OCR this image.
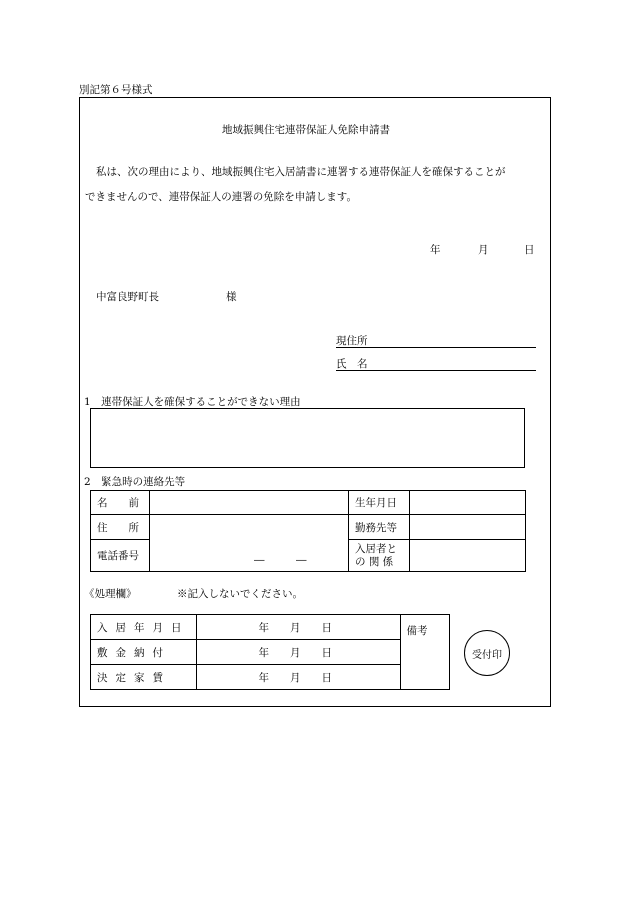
別記第６号様式
地域振興住宅連帯保証人免除申請書
私は、次の理由により、地域振興住宅入居請書に連署する連帯保証人を確保することが
できませんので、連帯保証人の連署の免除を申請します。
年	月	日
中富良野町長	様
現住所
氏　名
1　連帯保証人を確保することができない理由
2　緊急時の連絡先等
名　　前		生年月日	
住　　所	―　　　―	勤務先等	
電話番号		入居者と
の 関 係	
《処理欄》	※記入しないでください。
入居年月日	年　　 月　　 日	備考
敷金納付	年　　 月　　 日	
決定家賃	年　　 月　　 日	
受付印
